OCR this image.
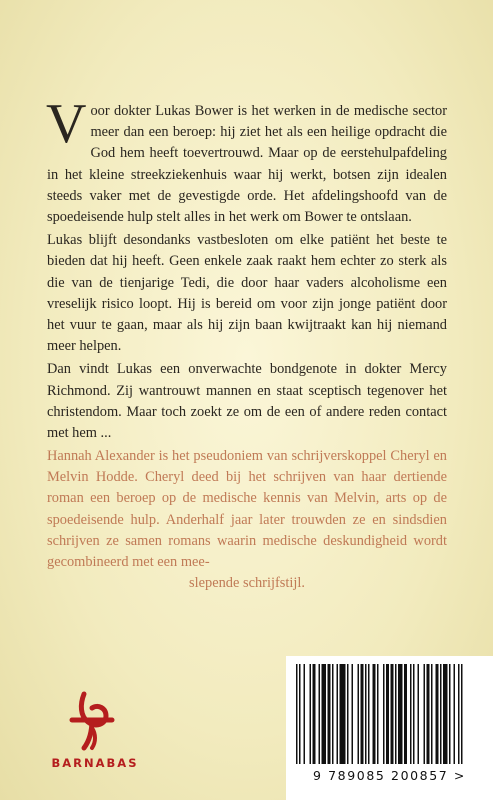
Voor dokter Lukas Bower is het werken in de medische sector meer dan een beroep: hij ziet het als een heilige opdracht die God hem heeft toevertrouwd. Maar op de eerstehulpafdeling in het kleine streekziekenhuis waar hij werkt, botsen zijn idealen steeds vaker met de gevestigde orde. Het afdelingshoofd van de spoedeisende hulp stelt alles in het werk om Bower te ontslaan.

Lukas blijft desondanks vastbesloten om elke patiënt het beste te bieden dat hij heeft. Geen enkele zaak raakt hem echter zo sterk als die van de tienjarige Tedi, die door haar vaders alcoholisme een vreselijk risico loopt. Hij is bereid om voor zijn jonge patiënt door het vuur te gaan, maar als hij zijn baan kwijtraakt kan hij niemand meer helpen.

Dan vindt Lukas een onverwachte bondgenote in dokter Mercy Richmond. Zij wantrouwt mannen en staat sceptisch tegenover het christendom. Maar toch zoekt ze om de een of andere reden contact met hem ...

Hannah Alexander is het pseudoniem van schrijverskoppel Cheryl en Melvin Hodde. Cheryl deed bij het schrijven van haar dertiende roman een beroep op de medische kennis van Melvin, arts op de spoedeisende hulp. Anderhalf jaar later trouwden ze en sindsdien schrijven ze samen romans waarin medische deskundigheid wordt gecombineerd met een mee-

slepende schrijfstijl.

BARNABAS
9 789085 200857 >
